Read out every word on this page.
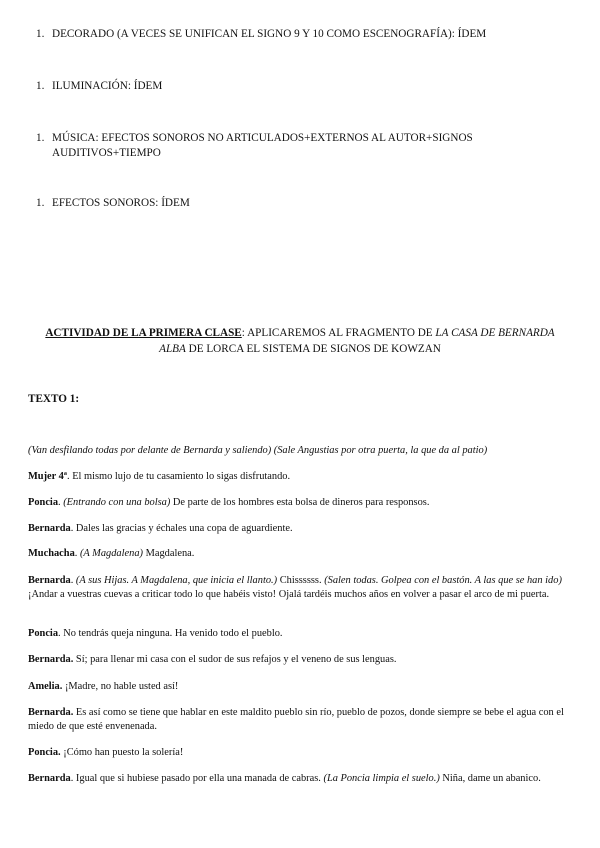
1. DECORADO (A VECES SE UNIFICAN EL SIGNO 9 Y 10 COMO ESCENOGRAFÍA): ÍDEM
1. ILUMINACIÓN: ÍDEM
1. MÚSICA: EFECTOS SONOROS NO ARTICULADOS+EXTERNOS AL AUTOR+SIGNOS AUDITIVOS+TIEMPO
1. EFECTOS SONOROS: ÍDEM
ACTIVIDAD DE LA PRIMERA CLASE: APLICAREMOS AL FRAGMENTO DE LA CASA DE BERNARDA ALBA DE LORCA EL SISTEMA DE SIGNOS DE KOWZAN
TEXTO 1:
(Van desfilando todas por delante de Bernarda y saliendo) (Sale Angustias por otra puerta, la que da al patio)
Mujer 4ª. El mismo lujo de tu casamiento lo sigas disfrutando.
Poncia. (Entrando con una bolsa) De parte de los hombres esta bolsa de dineros para responsos.
Bernarda. Dales las gracias y échales una copa de aguardiente.
Muchacha. (A Magdalena) Magdalena.
Bernarda. (A sus Hijas. A Magdalena, que inicia el llanto.) Chissssss. (Salen todas. Golpea con el bastón. A las que se han ido) ¡Andar a vuestras cuevas a criticar todo lo que habéis visto! Ojalá tardéis muchos años en volver a pasar el arco de mi puerta.
Poncia. No tendrás queja ninguna. Ha venido todo el pueblo.
Bernarda. Sí; para llenar mi casa con el sudor de sus refajos y el veneno de sus lenguas.
Amelia. ¡Madre, no hable usted así!
Bernarda. Es así como se tiene que hablar en este maldito pueblo sin río, pueblo de pozos, donde siempre se bebe el agua con el miedo de que esté envenenada.
Poncia. ¡Cómo han puesto la solería!
Bernarda. Igual que si hubiese pasado por ella una manada de cabras. (La Poncia limpia el suelo.) Niña, dame un abanico.
